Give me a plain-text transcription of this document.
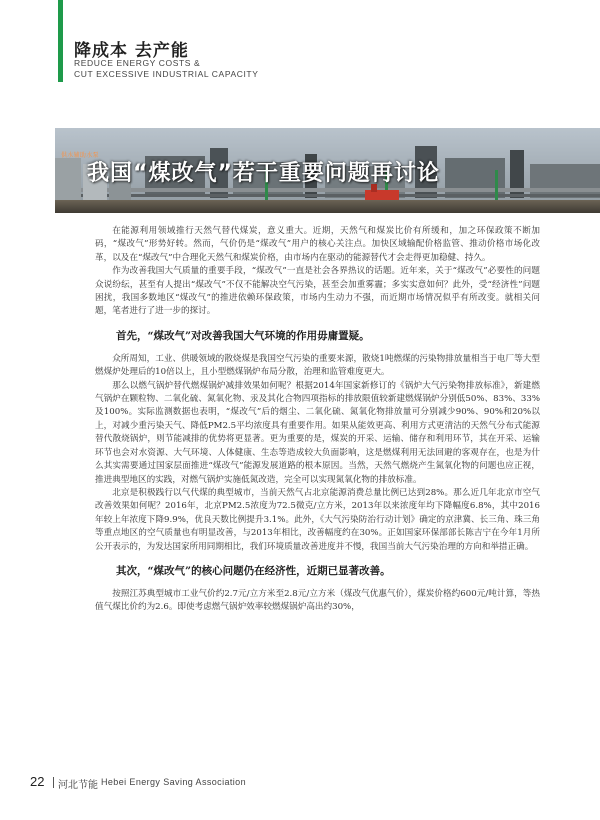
降成本 去产能
REDUCE ENERGY COSTS &
CUT EXCESSIVE INDUSTRIAL CAPACITY
供水辅助水泵
我国“煤改气”若干重要问题再讨论

在能源利用领域推行天然气替代煤炭，意义重大。近期，天然气和煤炭比价有所缓和，加之环保政策不断加码，“煤改气”形势好转。然而，气价仍是“煤改气”用户的核心关注点。加快区域输配价格监管、推动价格市场化改革，以及在“煤改气”中合理化天然气和煤炭价格，由市场内在驱动的能源替代才会走得更加稳健、持久。

作为改善我国大气质量的重要手段，“煤改气”一直是社会各界热议的话题。近年来，关于“煤改气”必要性的问题众说纷纭，甚至有人提出“煤改气”不仅不能解决空气污染，甚至会加重雾霾；多实实意如何？此外，受“经济性”问题困扰，我国多数地区“煤改气”的推进依赖环保政策，市场内生动力不强，而近期市场情况似乎有所改变。就相关问题，笔者进行了进一步的探讨。

首先，“煤改气”对改善我国大气环境的作用毋庸置疑。

众所周知，工业、供暖领域的散烧煤是我国空气污染的重要来源，散烧1吨燃煤的污染物排放量相当于电厂等大型燃煤炉处理后的10倍以上，且小型燃煤锅炉布局分散，治理和监管难度更大。

那么以燃气锅炉替代燃煤锅炉减排效果如何呢？根据2014年国家新修订的《锅炉大气污染物排放标准》，新建燃气锅炉在颗粒物、二氧化硫、氮氧化物、汞及其化合物四项指标的排放限值较新建燃煤锅炉分别低50%、83%、33%及100%。实际监测数据也表明，“煤改气”后的烟尘、二氧化硫、氮氧化物排放量可分别减少90%、90%和20%以上，对减少重污染天气、降低PM2.5平均浓度具有重要作用。如果从能效更高、利用方式更清洁的天然气分布式能源替代散烧锅炉，则节能减排的优势将更显著。更为重要的是，煤炭的开采、运输、储存和利用环节，其在开采、运输环节也会对水资源、大气环境、人体健康、生态等造成较大负面影响，这是燃煤利用无法回避的客观存在，也是为什么其实需要通过国家层面推进“煤改气”能源发展道路的根本原因。当然，天然气燃烧产生氮氧化物的问题也应正视，推进典型地区的实践，对燃气锅炉实施低氮改造，完全可以实现氮氧化物的排放标准。

北京是积极践行以气代煤的典型城市，当前天然气占北京能源消费总量比例已达到28%。那么近几年北京市空气改善效果如何呢？2016年，北京PM2.5浓度为72.5微克/立方米，2013年以来浓度年均下降幅度6.8%，其中2016年较上年浓度下降9.9%，优良天数比例提升3.1%。此外，《大气污染防治行动计划》确定的京津冀、长三角、珠三角等重点地区的空气质量也有明显改善，与2013年相比，改善幅度约在30%。正如国家环保部部长陈吉宁在今年1月所公开表示的，为发达国家所用同期相比，我们环境质量改善进度并不慢，我国当前大气污染治理的方向和举措正确。

其次，“煤改气”的核心问题仍在经济性，近期已显著改善。

按照江苏典型城市工业气价约2.7元/立方米至2.8元/立方米（煤改气优惠气价），煤炭价格约600元/吨计算，等热值气煤比价约为2.6。即使考虑燃气锅炉效率较燃煤锅炉高出约30%，

22 河北节能 Hebei Energy Saving Association
